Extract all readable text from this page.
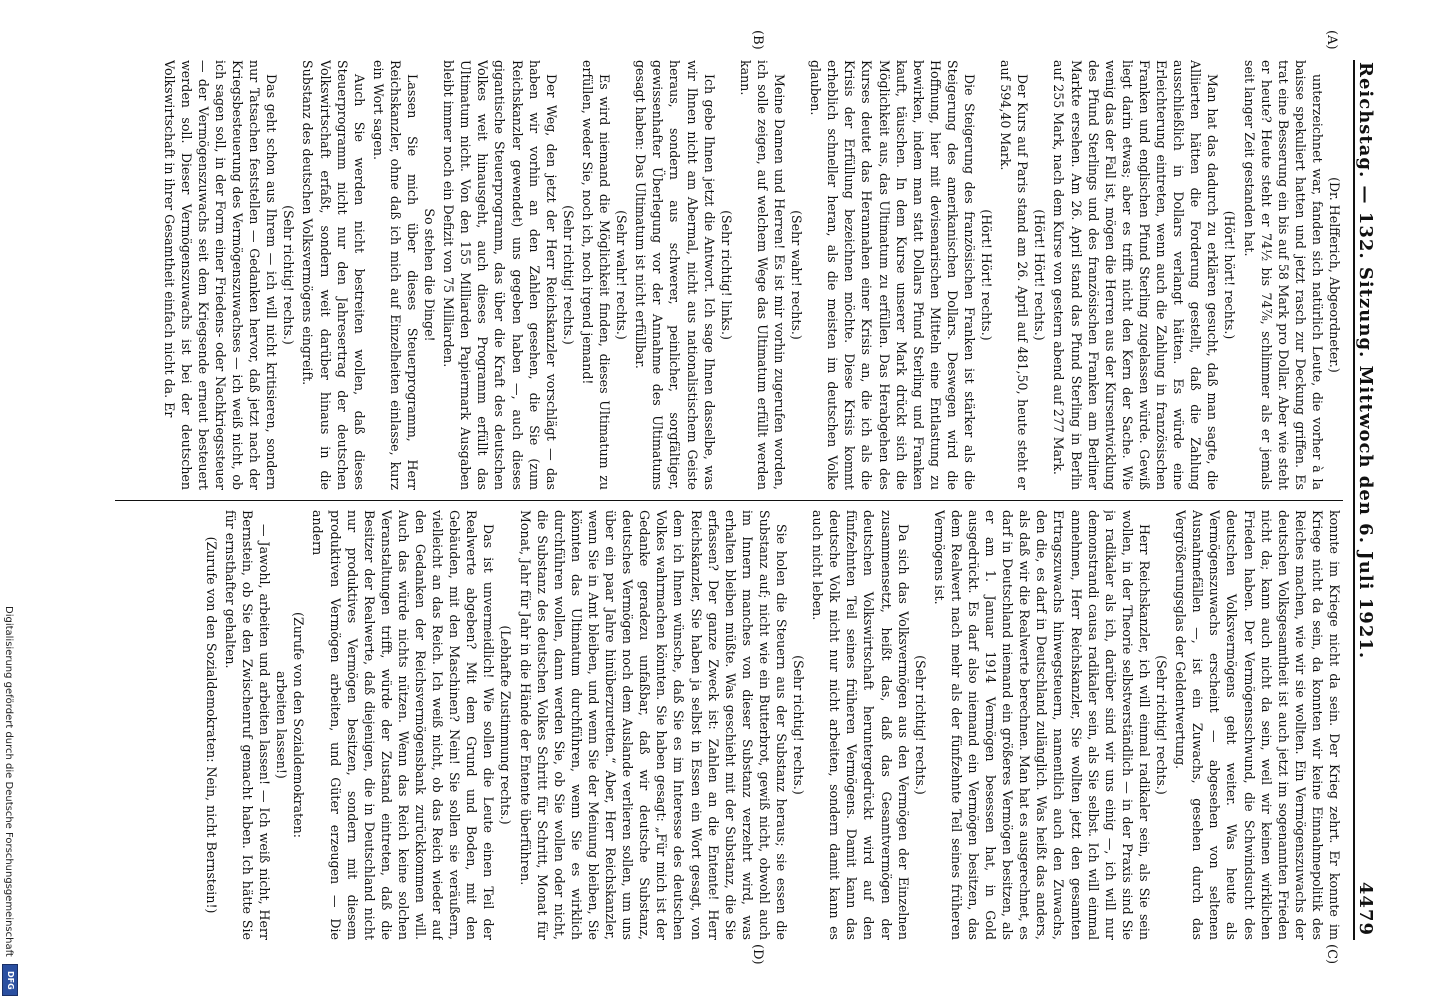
Reichstag. — 132. Sitzung. Mittwoch den 6. Juli 1921.
4479
(A)
(B)
(C)
(D)

(Dr. Helfferich, Abgeordneter.)

unterzeichnet war, fanden sich natürlich Leute, die vorher à la baisse spekuliert hatten und jetzt rasch zur Deckung griffen. Es trat eine Besserung ein bis auf 58 Mark pro Dollar. Aber wie steht er heute? Heute steht er 74½ bis 74⅞, schlimmer als er jemals seit langer Zeit gestanden hat.

(Hört! hört! rechts.)

Man hat das dadurch zu erklären gesucht, daß man sagte, die Alliierten hätten die Forderung gestellt, daß die Zahlung ausschließlich in Dollars verlangt hätten. Es würde eine Erleichterung eintreten, wenn auch die Zahlung in französischen Franken und englischen Pfund Sterling zugelassen würde. Gewiß liegt darin etwas; aber es trifft nicht den Kern der Sache. Wie wenig das der Fall ist, mögen die Herren aus der Kursentwicklung des Pfund Sterlings und des französischen Franken am Berliner Markte ersehen. Am 26. April stand das Pfund Sterling in Berlin auf 255 Mark, nach dem Kurse von gestern abend auf 277 Mark.

(Hört! Hört! rechts.)

Der Kurs auf Paris stand am 26. April auf 481,50, heute steht er auf 594,40 Mark.

(Hört! Hört! rechts.)

Die Steigerung des französischen Franken ist stärker als die Steigerung des amerikanischen Dollars. Deswegen wird die Hoffnung, hier mit devisenarischen Mitteln eine Entlastung zu bewirken, indem man statt Dollars Pfund Sterling und Franken kauft, täuschen. In dem Kurse unserer Mark drückt sich die Möglichkeit aus, das Ultimatum zu erfüllen. Das Herabgehen des Kurses deutet das Herannahen einer Krisis an, die ich als die Krisis der Erfüllung bezeichnen möchte. Diese Krisis kommt erheblich schneller heran, als die meisten im deutschen Volke glauben.

(Sehr wahr! rechts.)

Meine Damen und Herren! Es ist mir vorhin zugerufen worden, ich solle zeigen, auf welchem Wege das Ultimatum erfüllt werden kann.

(Sehr richtig! links.)

Ich gebe Ihnen jetzt die Antwort. Ich sage Ihnen dasselbe, was wir Ihnen nicht am Abermal, nicht aus nationalistischem Geiste heraus, sondern aus schwerer, peinlicher, sorgfältiger, gewissenhafter Überlegung vor der Annahme des Ultimatums gesagt haben: Das Ultimatum ist nicht erfüllbar.

(Sehr wahr! rechts.)

Es wird niemand die Möglichkeit finden, dieses Ultimatum zu erfüllen, weder Sie, noch ich, noch irgend jemand!

(Sehr richtig! rechts.)

Der Weg, den jetzt der Herr Reichskanzler vorschlägt — das haben wir vorhin an den Zahlen gesehen, die Sie (zum Reichskanzler gewendet) uns gegeben haben —, auch dieses gigantische Steuerprogramm, das über die Kraft des deutschen Volkes weit hinausgeht, auch dieses Programm erfüllt das Ultimatum nicht. Von den 155 Milliarden Papiermark Ausgaben bleibt immer noch ein Defizit von 75 Milliarden.

So stehen die Dinge!

Lassen Sie mich über dieses Steuerprogramm, Herr Reichskanzler, ohne daß ich mich auf Einzelheiten einlasse, kurz ein Wort sagen.

Auch Sie werden nicht bestreiten wollen, daß dieses Steuerprogramm nicht nur den Jahresertrag der deutschen Volkswirtschaft erfaßt, sondern weit darüber hinaus in die Substanz des deutschen Volksvermögens eingreift.

(Sehr richtig! rechts.)

Das geht schon aus Ihrem — ich will nicht kritisieren, sondern nur Tatsachen feststellen — Gedanken hervor, daß jetzt nach der Kriegsbesteuerung des Vermögenszuwachses — ich weiß nicht, ob ich sagen soll, in der Form einer Friedens- oder Nachkriegssteuer — der Vermögenszuwachs seit dem Kriegsende erneut besteuert werden soll. Dieser Vermögenszuwachs ist bei der deutschen Volkswirtschaft in ihrer Gesamtheit einfach nicht da. Er

konnte im Kriege nicht da sein. Der Krieg zehrt. Er konnte im Kriege nicht da sein, da konnten wir keine Einnahmepolitik des Reiches machen, wie wir sie wollten. Ein Vermögenszuwachs der deutschen Volksgesamtheit ist auch jetzt im sogenannten Frieden nicht da; kann auch nicht da sein, weil wir keinen wirklichen Frieden haben. Der Vermögensschwund, die Schwindsucht des deutschen Volksvermögens geht weiter. Was heute als Vermögenszuwachs erscheint — abgesehen von seltenen Ausnahmefällen —, ist ein Zuwachs, gesehen durch das Vergrößerungsglas der Geldentwertung.

(Sehr richtig! rechts.)

Herr Reichskanzler, ich will einmal radikaler sein, als Sie sein wollen, in der Theorie selbstverständlich — in der Praxis sind Sie ja radikaler als ich, darüber sind wir uns einig —, ich will nur demonstrandi causa radikaler sein, als Sie selbst. Ich will einmal annehmen, Herr Reichskanzler, Sie wollten jetzt den gesamten Ertragszuwachs hinwegsteuern, namentlich auch den Zuwachs, den die, es darf in Deutschland zulänglich. Was heißt das anders, als daß wir die Realwerte berechnen. Man hat es ausgerechnet, es darf in Deutschland niemand ein größeres Vermögen besitzen, als er am 1. Januar 1914 Vermögen besessen hat, in Gold ausgedrückt. Es darf also niemand ein Vermögen besitzen, das dem Realwert nach mehr als der fünfzehnte Teil seines früheren Vermögens ist.

(Sehr richtig! rechts.)

Da sich das Volksvermögen aus den Vermögen der Einzelnen zusammensetzt, heißt das, daß das Gesamtvermögen der deutschen Volkswirtschaft heruntergedrückt wird auf den fünfzehnten Teil seines früheren Vermögens. Damit kann das deutsche Volk nicht nur nicht arbeiten, sondern damit kann es auch nicht leben.

(Sehr richtig! rechts.)

Sie holen die Steuern aus der Substanz heraus; sie essen die Substanz auf; nicht wie ein Butterbrot, gewiß nicht, obwohl auch im Innern manches von dieser Substanz verzehrt wird, was erhalten bleiben müßte. Was geschieht mit der Substanz, die Sie erfassen? Der ganze Zweck ist: Zahlen an die Entente! Herr Reichskanzler, Sie haben ja selbst in Essen ein Wort gesagt, von dem ich Ihnen wünsche, daß Sie es im Interesse des deutschen Volkes wahrmachen könnten. Sie haben gesagt: „Für mich ist der Gedanke geradezu unfaßbar, daß wir deutsche Substanz, deutsches Vermögen noch dem Auslande verlieren sollen, um uns über ein paar Jahre hinüberzuretten.“ Aber, Herr Reichskanzler, wenn Sie in Amt bleiben, und wenn Sie der Meinung bleiben, Sie könnten das Ultimatum durchführen, wenn Sie es wirklich durchführen wollen, dann werden Sie, ob Sie wollen oder nicht, die Substanz des deutschen Volkes Schritt für Schritt, Monat für Monat, Jahr für Jahr in die Hände der Entente überführen.

(Lebhafte Zustimmung rechts.)

Das ist unvermeidlich! Wie sollen die Leute einen Teil der Realwerte abgeben? Mit dem Grund und Boden, mit den Gebäuden, mit den Maschinen? Nein! Sie sollen sie veräußern, vielleicht an das Reich. Ich weiß nicht, ob das Reich wieder auf den Gedanken der Reichsvermögensbank zurückkommen will. Auch das würde nichts nützen. Wenn das Reich keine solchen Veranstaltungen trifft, würde der Zustand eintreten, daß die Besitzer der Realwerte, daß diejenigen, die in Deutschland nicht nur produktives Vermögen besitzen, sondern mit diesem produktiven Vermögen arbeiten, und Güter erzeugen — Die andern

(Zurufe von den Sozialdemokraten:

arbeiten lassen!)

— Jawohl, arbeiten und arbeiten lassen! — Ich weiß nicht, Herr Bernstein, ob Sie den Zwischenruf gemacht haben. Ich hätte Sie für ernsthafter gehalten.

(Zurufe von den Sozialdemokraten: Nein, nicht Bernstein!)

Digitalisierung gefördert durch die Deutsche Forschungsgemeinschaft
DFG
